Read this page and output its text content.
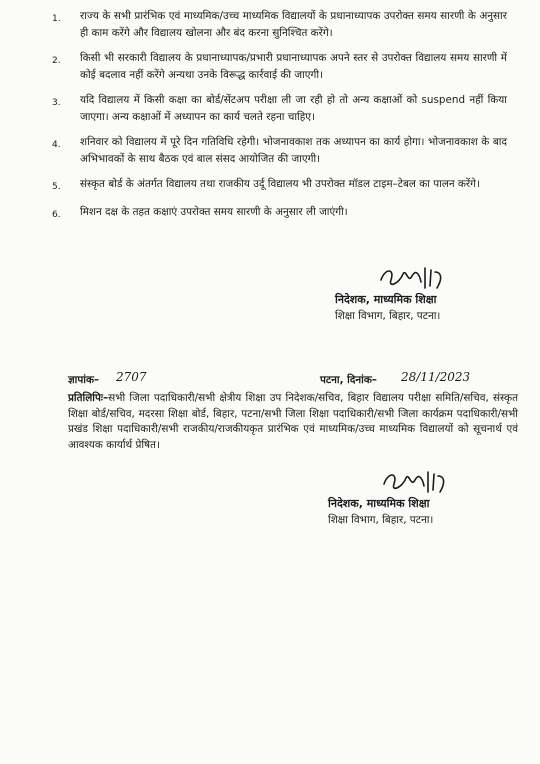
1.	राज्य के सभी प्रारंभिक एवं माध्यमिक/उच्च माध्यमिक विद्यालयों के प्रधानाध्यापक उपरोक्त समय सारणी के अनुसार ही काम करेंगे और विद्यालय खोलना और बंद करना सुनिश्चित करेंगे।
2.	किसी भी सरकारी विद्यालय के प्रधानाध्यापक/प्रभारी प्रधानाध्यापक अपने स्तर से उपरोक्त विद्यालय समय सारणी में कोई बदलाव नहीं करेंगे अन्यथा उनके विरूद्ध कार्रवाई की जाएगी।
3.	यदि विद्यालय में किसी कक्षा का बोर्ड/सेंटअप परीक्षा ली जा रही हो तो अन्य कक्षाओं को suspend नहीं किया जाएगा। अन्य कक्षाओं में अध्यापन का कार्य चलते रहना चाहिए।
4.	शनिवार को विद्यालय में पूरे दिन गतिविधि रहेगी। भोजनावकाश तक अध्यापन का कार्य होगा। भोजनावकाश के बाद अभिभावकों के साथ बैठक एवं बाल संसद आयोजित की जाएगी।
5.	संस्कृत बोर्ड के अंतर्गत विद्यालय तथा राजकीय उर्दू विद्यालय भी उपरोक्त मॉडल टाइम–टेबल का पालन करेंगे।
6.	मिशन दक्ष के तहत कक्षाएं उपरोक्त समय सारणी के अनुसार ली जाएंगी।
निदेशक, माध्यमिक शिक्षा
शिक्षा विभाग, बिहार, पटना।
ज्ञापांक– 2707	पटना, दिनांक– 28/11/2023
प्रतिलिपिः–सभी जिला पदाधिकारी/सभी क्षेत्रीय शिक्षा उप निदेशक/सचिव, बिहार विद्यालय परीक्षा समिति/सचिव, संस्कृत शिक्षा बोर्ड/सचिव, मदरसा शिक्षा बोर्ड, बिहार, पटना/सभी जिला शिक्षा पदाधिकारी/सभी जिला कार्यक्रम पदाधिकारी/सभी प्रखंड शिक्षा पदाधिकारी/सभी राजकीय/राजकीयकृत प्रारंभिक एवं माध्यमिक/उच्च माध्यमिक विद्यालयों को सूचनार्थ एवं आवश्यक कार्यार्थ प्रेषित।
निदेशक, माध्यमिक शिक्षा
शिक्षा विभाग, बिहार, पटना।
